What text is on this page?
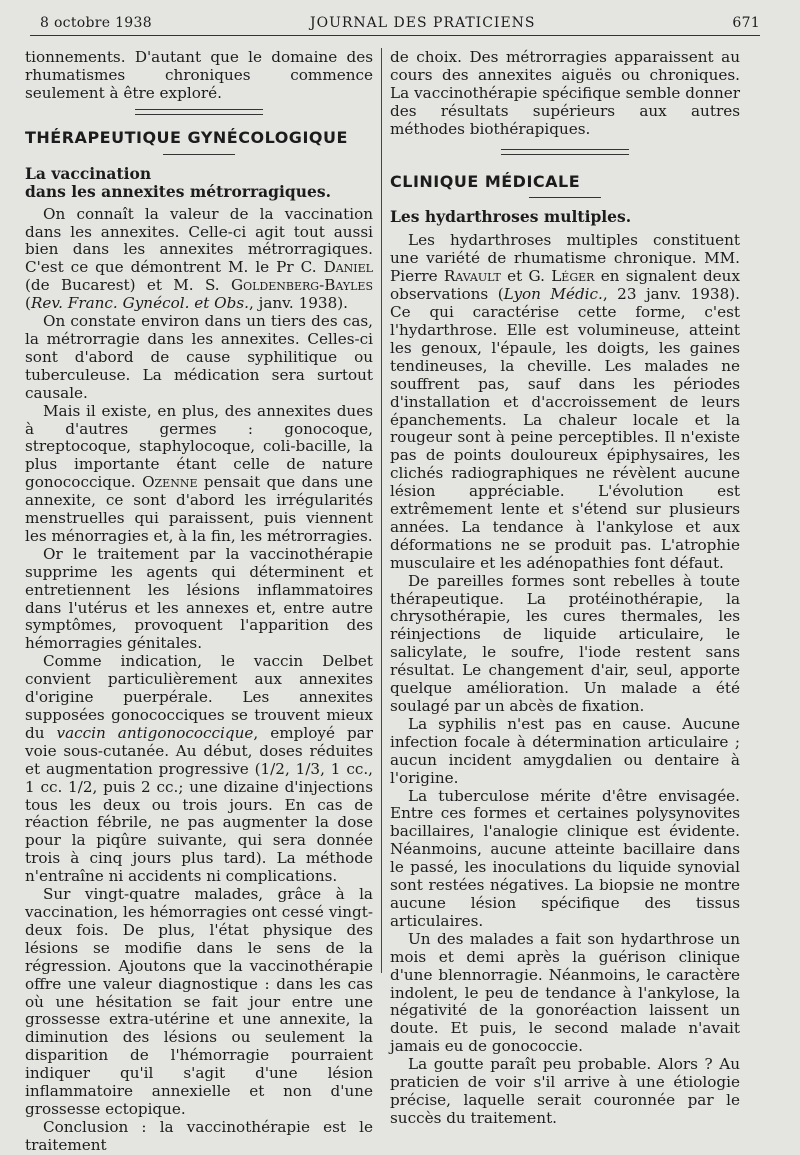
8 octobre 1938	JOURNAL DES PRATICIENS	671

tionnements. D'autant que le domaine des rhumatismes chroniques commence seulement à être exploré.

THÉRAPEUTIQUE GYNÉCOLOGIQUE

La vaccination

dans les annexites métrorragiques.

On connaît la valeur de la vaccination dans les annexites. Celle-ci agit tout aussi bien dans les annexites métrorragiques. C'est ce que démontrent M. le Pr C. Daniel (de Bucarest) et M. S. Goldenberg-Bayles (Rev. Franc. Gynécol. et Obs., janv. 1938).

On constate environ dans un tiers des cas, la métrorragie dans les annexites. Celles-ci sont d'abord de cause syphilitique ou tuberculeuse. La médication sera surtout causale.

Mais il existe, en plus, des annexites dues à d'autres germes : gonocoque, streptocoque, staphylocoque, coli-bacille, la plus importante étant celle de nature gonococcique. Ozenne pensait que dans une annexite, ce sont d'abord les irrégularités menstruelles qui paraissent, puis viennent les ménorragies et, à la fin, les métrorragies.

Or le traitement par la vaccinothérapie supprime les agents qui déterminent et entretiennent les lésions inflammatoires dans l'utérus et les annexes et, entre autre symptômes, provoquent l'apparition des hémorragies génitales.

Comme indication, le vaccin Delbet convient particulièrement aux annexites d'origine puerpérale. Les annexites supposées gonococciques se trouvent mieux du vaccin antigonococcique, employé par voie sous-cutanée. Au début, doses réduites et augmentation progressive (1/2, 1/3, 1 cc., 1 cc. 1/2, puis 2 cc.; une dizaine d'injections tous les deux ou trois jours. En cas de réaction fébrile, ne pas augmenter la dose pour la piqûre suivante, qui sera donnée trois à cinq jours plus tard). La méthode n'entraîne ni accidents ni complications.

Sur vingt-quatre malades, grâce à la vaccination, les hémorragies ont cessé vingt-deux fois. De plus, l'état physique des lésions se modifie dans le sens de la régression. Ajoutons que la vaccinothérapie offre une valeur diagnostique : dans les cas où une hésitation se fait jour entre une grossesse extra-utérine et une annexite, la diminution des lésions ou seulement la disparition de l'hémorragie pourraient indiquer qu'il s'agit d'une lésion inflammatoire annexielle et non d'une grossesse ectopique.

Conclusion : la vaccinothérapie est le traitement

de choix. Des métrorragies apparaissent au cours des annexites aiguës ou chroniques. La vaccinothérapie spécifique semble donner des résultats supérieurs aux autres méthodes biothérapiques.

CLINIQUE MÉDICALE

Les hydarthroses multiples.

Les hydarthroses multiples constituent une variété de rhumatisme chronique. MM. Pierre Ravault et G. Léger en signalent deux observations (Lyon Médic., 23 janv. 1938). Ce qui caractérise cette forme, c'est l'hydarthrose. Elle est volumineuse, atteint les genoux, l'épaule, les doigts, les gaines tendineuses, la cheville. Les malades ne souffrent pas, sauf dans les périodes d'installation et d'accroissement de leurs épanchements. La chaleur locale et la rougeur sont à peine perceptibles. Il n'existe pas de points douloureux épiphysaires, les clichés radiographiques ne révèlent aucune lésion appréciable. L'évolution est extrêmement lente et s'étend sur plusieurs années. La tendance à l'ankylose et aux déformations ne se produit pas. L'atrophie musculaire et les adénopathies font défaut.

De pareilles formes sont rebelles à toute thérapeutique. La protéinothérapie, la chrysothérapie, les cures thermales, les réinjections de liquide articulaire, le salicylate, le soufre, l'iode restent sans résultat. Le changement d'air, seul, apporte quelque amélioration. Un malade a été soulagé par un abcès de fixation.

La syphilis n'est pas en cause. Aucune infection focale à détermination articulaire ; aucun incident amygdalien ou dentaire à l'origine.

La tuberculose mérite d'être envisagée. Entre ces formes et certaines polysynovites bacillaires, l'analogie clinique est évidente. Néanmoins, aucune atteinte bacillaire dans le passé, les inoculations du liquide synovial sont restées négatives. La biopsie ne montre aucune lésion spécifique des tissus articulaires.

Un des malades a fait son hydarthrose un mois et demi après la guérison clinique d'une blennorragie. Néanmoins, le caractère indolent, le peu de tendance à l'ankylose, la négativité de la gonoréaction laissent un doute. Et puis, le second malade n'avait jamais eu de gonococcie.

La goutte paraît peu probable. Alors ? Au praticien de voir s'il arrive à une étiologie précise, laquelle serait couronnée par le succès du traitement.
